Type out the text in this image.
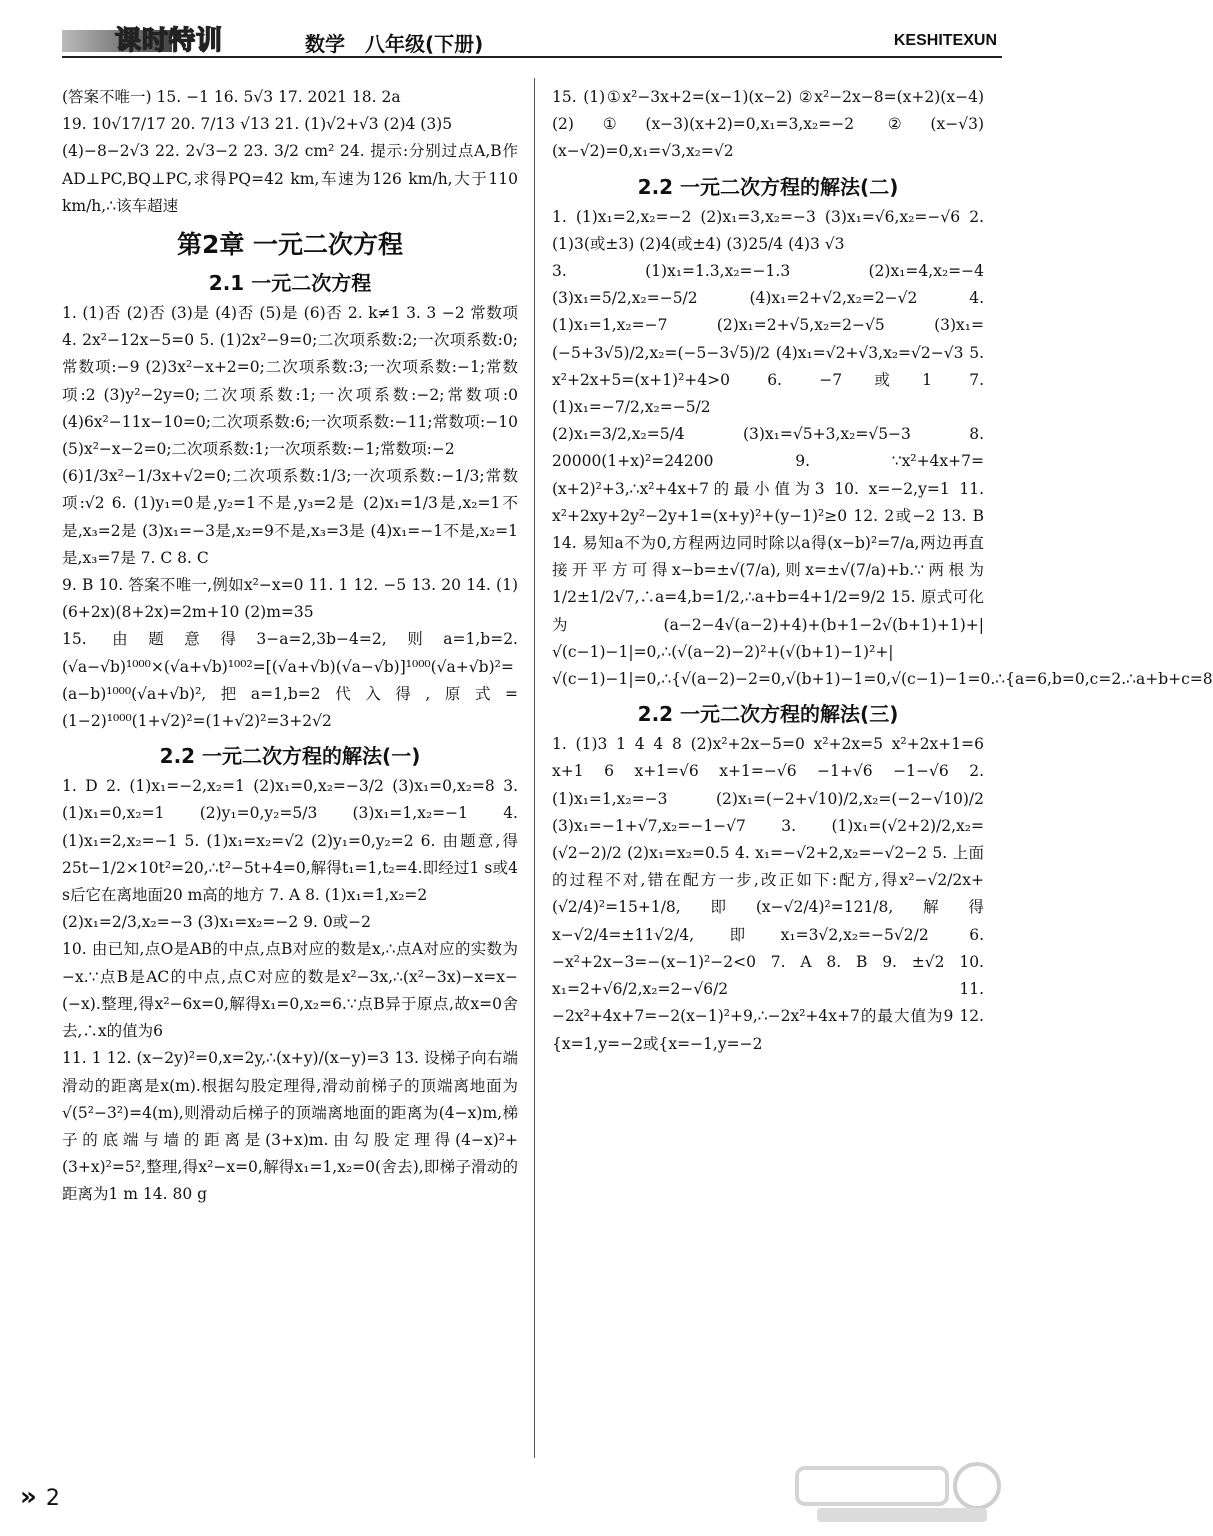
课时特训	数学 八年级(下册)	KESHITEXUN

(答案不唯一) 15. −1 16. 5√3 17. 2021 18. 2a

19. 10√17/17 20. 7/13 √13 21. (1)√2+√3 (2)4 (3)5

(4)−8−2√3 22. 2√3−2 23. 3/2 cm² 24. 提示:分别过点A,B作AD⊥PC,BQ⊥PC,求得PQ=42 km,车速为126 km/h,大于110 km/h,∴该车超速

第2章 一元二次方程
2.1 一元二次方程

1. (1)否 (2)否 (3)是 (4)否 (5)是 (6)否 2. k≠1 3. 3 −2 常数项 4. 2x²−12x−5=0 5. (1)2x²−9=0;二次项系数:2;一次项系数:0;常数项:−9 (2)3x²−x+2=0;二次项系数:3;一次项系数:−1;常数项:2 (3)y²−2y=0;二次项系数:1;一次项系数:−2;常数项:0 (4)6x²−11x−10=0;二次项系数:6;一次项系数:−11;常数项:−10 (5)x²−x−2=0;二次项系数:1;一次项系数:−1;常数项:−2

(6)1/3x²−1/3x+√2=0;二次项系数:1/3;一次项系数:−1/3;常数项:√2 6. (1)y₁=0是,y₂=1不是,y₃=2是 (2)x₁=1/3是,x₂=1不是,x₃=2是 (3)x₁=−3是,x₂=9不是,x₃=3是 (4)x₁=−1不是,x₂=1是,x₃=7是 7. C 8. C

9. B 10. 答案不唯一,例如x²−x=0 11. 1 12. −5 13. 20 14. (1)(6+2x)(8+2x)=2m+10 (2)m=35

15. 由题意得3−a=2,3b−4=2,则a=1,b=2.(√a−√b)¹⁰⁰⁰×(√a+√b)¹⁰⁰²=[(√a+√b)(√a−√b)]¹⁰⁰⁰(√a+√b)²=(a−b)¹⁰⁰⁰(√a+√b)²,把a=1,b=2代入得,原式=(1−2)¹⁰⁰⁰(1+√2)²=(1+√2)²=3+2√2

2.2 一元二次方程的解法(一)

1. D 2. (1)x₁=−2,x₂=1 (2)x₁=0,x₂=−3/2 (3)x₁=0,x₂=8 3. (1)x₁=0,x₂=1 (2)y₁=0,y₂=5/3 (3)x₁=1,x₂=−1 4. (1)x₁=2,x₂=−1 5. (1)x₁=x₂=√2 (2)y₁=0,y₂=2 6. 由题意,得25t−1/2×10t²=20,∴t²−5t+4=0,解得t₁=1,t₂=4.即经过1 s或4 s后它在离地面20 m高的地方 7. A 8. (1)x₁=1,x₂=2

(2)x₁=2/3,x₂=−3 (3)x₁=x₂=−2 9. 0或−2

10. 由已知,点O是AB的中点,点B对应的数是x,∴点A对应的实数为−x.∵点B是AC的中点,点C对应的数是x²−3x,∴(x²−3x)−x=x−(−x).整理,得x²−6x=0,解得x₁=0,x₂=6.∵点B异于原点,故x=0舍去,∴x的值为6

11. 1 12. (x−2y)²=0,x=2y,∴(x+y)/(x−y)=3 13. 设梯子向右端滑动的距离是x(m).根据勾股定理得,滑动前梯子的顶端离地面为√(5²−3²)=4(m),则滑动后梯子的顶端离地面的距离为(4−x)m,梯子的底端与墙的距离是(3+x)m.由勾股定理得(4−x)²+(3+x)²=5²,整理,得x²−x=0,解得x₁=1,x₂=0(舍去),即梯子滑动的距离为1 m 14. 80 g

15. (1)①x²−3x+2=(x−1)(x−2) ②x²−2x−8=(x+2)(x−4) (2)①(x−3)(x+2)=0,x₁=3,x₂=−2 ②(x−√3)(x−√2)=0,x₁=√3,x₂=√2

2.2 一元二次方程的解法(二)

1. (1)x₁=2,x₂=−2 (2)x₁=3,x₂=−3 (3)x₁=√6,x₂=−√6 2. (1)3(或±3) (2)4(或±4) (3)25/4 (4)3 √3

3. (1)x₁=1.3,x₂=−1.3 (2)x₁=4,x₂=−4 (3)x₁=5/2,x₂=−5/2 (4)x₁=2+√2,x₂=2−√2 4. (1)x₁=1,x₂=−7 (2)x₁=2+√5,x₂=2−√5 (3)x₁=(−5+3√5)/2,x₂=(−5−3√5)/2 (4)x₁=√2+√3,x₂=√2−√3 5. x²+2x+5=(x+1)²+4>0 6. −7或1 7. (1)x₁=−7/2,x₂=−5/2

(2)x₁=3/2,x₂=5/4 (3)x₁=√5+3,x₂=√5−3 8. 20000(1+x)²=24200 9. ∵x²+4x+7=(x+2)²+3,∴x²+4x+7的最小值为3 10. x=−2,y=1 11. x²+2xy+2y²−2y+1=(x+y)²+(y−1)²≥0 12. 2或−2 13. B 14. 易知a不为0,方程两边同时除以a得(x−b)²=7/a,两边再直接开平方可得x−b=±√(7/a),则x=±√(7/a)+b.∵两根为1/2±1/2√7,∴a=4,b=1/2,∴a+b=4+1/2=9/2 15. 原式可化为(a−2−4√(a−2)+4)+(b+1−2√(b+1)+1)+|√(c−1)−1|=0,∴(√(a−2)−2)²+(√(b+1)−1)²+|√(c−1)−1|=0,∴{√(a−2)−2=0,√(b+1)−1=0,√(c−1)−1=0.∴{a=6,b=0,c=2.∴a+b+c=8

2.2 一元二次方程的解法(三)

1. (1)3 1 4 4 8 (2)x²+2x−5=0 x²+2x=5 x²+2x+1=6 x+1 6 x+1=√6 x+1=−√6 −1+√6 −1−√6 2. (1)x₁=1,x₂=−3 (2)x₁=(−2+√10)/2,x₂=(−2−√10)/2 (3)x₁=−1+√7,x₂=−1−√7 3. (1)x₁=(√2+2)/2,x₂=(√2−2)/2 (2)x₁=x₂=0.5 4. x₁=−√2+2,x₂=−√2−2 5. 上面的过程不对,错在配方一步,改正如下:配方,得x²−√2/2x+(√2/4)²=15+1/8,即(x−√2/4)²=121/8,解得x−√2/4=±11√2/4,即x₁=3√2,x₂=−5√2/2 6. −x²+2x−3=−(x−1)²−2<0 7. A 8. B 9. ±√2 10. x₁=2+√6/2,x₂=2−√6/2 11. −2x²+4x+7=−2(x−1)²+9,∴−2x²+4x+7的最大值为9 12. {x=1,y=−2或{x=−1,y=−2

» 2
